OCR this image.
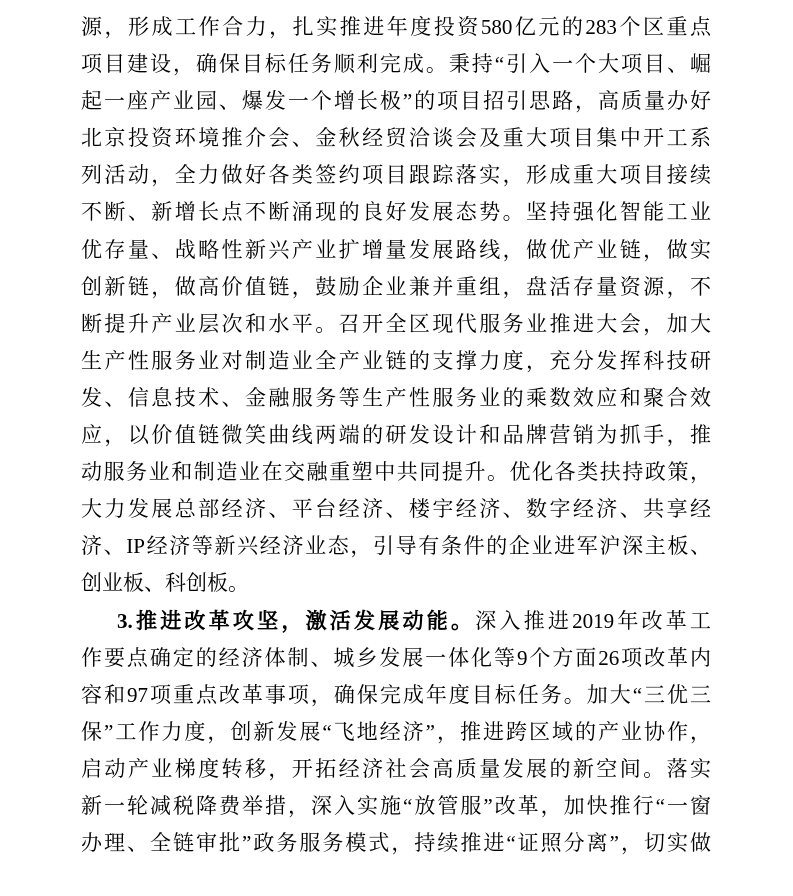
源，形成工作合力，扎实推进年度投资580亿元的283个区重点
项目建设，确保目标任务顺利完成。秉持“引入一个大项目、崛
起一座产业园、爆发一个增长极”的项目招引思路，高质量办好
北京投资环境推介会、金秋经贸洽谈会及重大项目集中开工系
列活动，全力做好各类签约项目跟踪落实，形成重大项目接续
不断、新增长点不断涌现的良好发展态势。坚持强化智能工业
优存量、战略性新兴产业扩增量发展路线，做优产业链，做实
创新链，做高价值链，鼓励企业兼并重组，盘活存量资源，不
断提升产业层次和水平。召开全区现代服务业推进大会，加大
生产性服务业对制造业全产业链的支撑力度，充分发挥科技研
发、信息技术、金融服务等生产性服务业的乘数效应和聚合效
应，以价值链微笑曲线两端的研发设计和品牌营销为抓手，推
动服务业和制造业在交融重塑中共同提升。优化各类扶持政策，
大力发展总部经济、平台经济、楼宇经济、数字经济、共享经
济、IP经济等新兴经济业态，引导有条件的企业进军沪深主板、
创业板、科创板。
3.推进改革攻坚，激活发展动能。深入推进2019年改革工
作要点确定的经济体制、城乡发展一体化等9个方面26项改革内
容和97项重点改革事项，确保完成年度目标任务。加大“三优三
保”工作力度，创新发展“飞地经济”，推进跨区域的产业协作，
启动产业梯度转移，开拓经济社会高质量发展的新空间。落实
新一轮减税降费举措，深入实施“放管服”改革，加快推行“一窗
办理、全链审批”政务服务模式，持续推进“证照分离”，切实做
